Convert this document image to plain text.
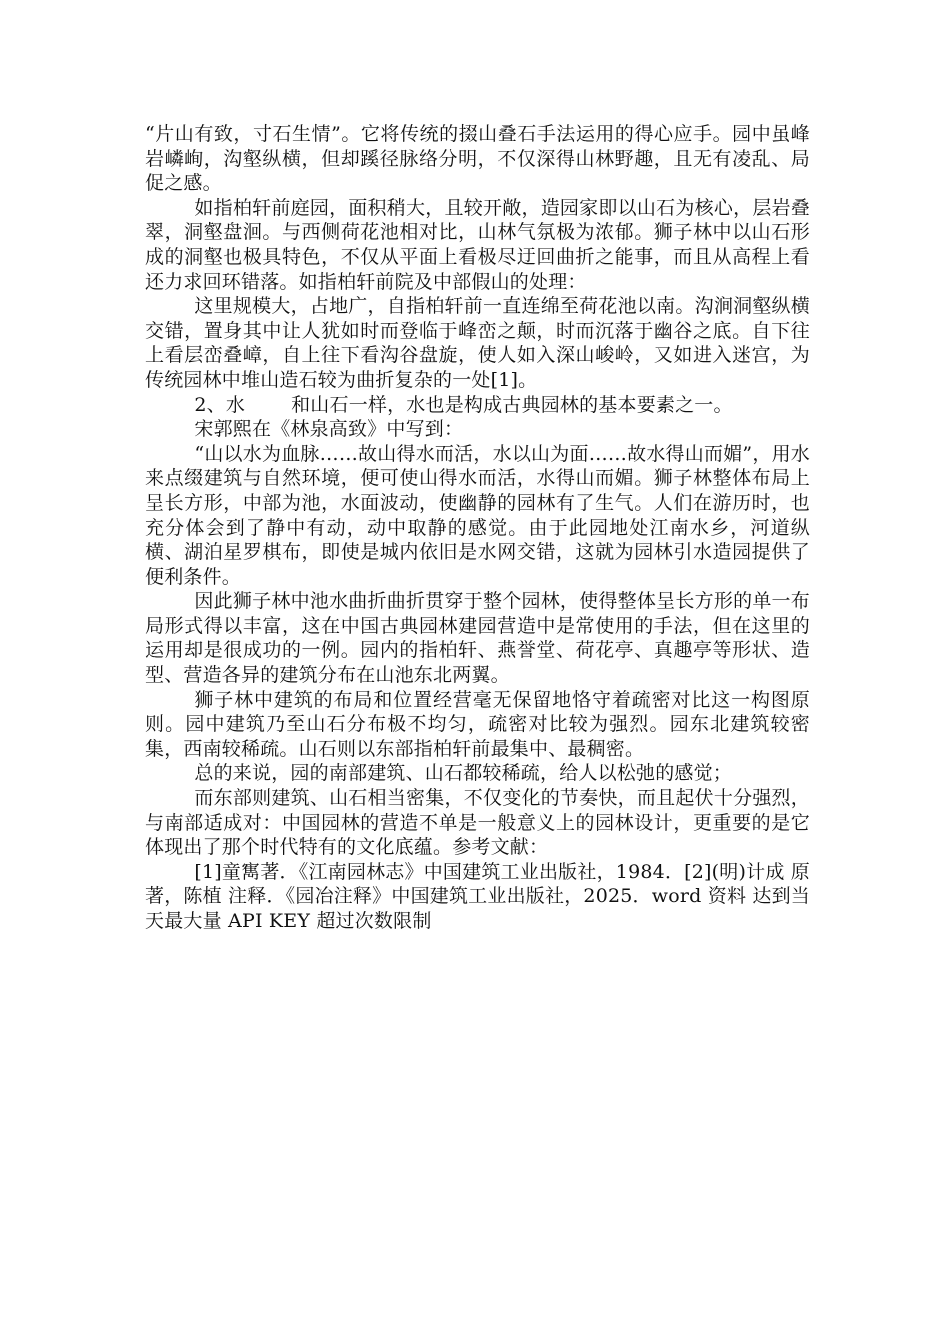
“片山有致，寸石生情”。它将传统的掇山叠石手法运用的得心应手。园中虽峰岩嶙峋，沟壑纵横，但却蹊径脉络分明，不仅深得山林野趣，且无有凌乱、局促之感。

如指柏轩前庭园，面积稍大，且较开敞，造园家即以山石为核心，层岩叠翠，洞壑盘洄。与西侧荷花池相对比，山林气氛极为浓郁。狮子林中以山石形成的洞壑也极具特色，不仅从平面上看极尽迂回曲折之能事，而且从高程上看还力求回环错落。如指柏轩前院及中部假山的处理：

这里规模大，占地广，自指柏轩前一直连绵至荷花池以南。沟涧洞壑纵横交错，置身其中让人犹如时而登临于峰峦之颠，时而沉落于幽谷之底。自下往上看层峦叠嶂，自上往下看沟谷盘旋，使人如入深山峻岭，又如进入迷宫，为传统园林中堆山造石较为曲折复杂的一处[1]。

2、水 和山石一样，水也是构成古典园林的基本要素之一。

宋郭熙在《林泉高致》中写到：

“山以水为血脉……故山得水而活，水以山为面……故水得山而媚”，用水来点缀建筑与自然环境，便可使山得水而活，水得山而媚。狮子林整体布局上呈长方形，中部为池，水面波动，使幽静的园林有了生气。人们在游历时，也充分体会到了静中有动，动中取静的感觉。由于此园地处江南水乡，河道纵横、湖泊星罗棋布，即使是城内依旧是水网交错，这就为园林引水造园提供了便利条件。

因此狮子林中池水曲折曲折贯穿于整个园林，使得整体呈长方形的单一布局形式得以丰富，这在中国古典园林建园营造中是常使用的手法，但在这里的运用却是很成功的一例。园内的指柏轩、燕誉堂、荷花亭、真趣亭等形状、造型、营造各异的建筑分布在山池东北两翼。

狮子林中建筑的布局和位置经营毫无保留地恪守着疏密对比这一构图原则。园中建筑乃至山石分布极不均匀，疏密对比较为强烈。园东北建筑较密集，西南较稀疏。山石则以东部指柏轩前最集中、最稠密。

总的来说，园的南部建筑、山石都较稀疏，给人以松弛的感觉；

而东部则建筑、山石相当密集，不仅变化的节奏快，而且起伏十分强烈，与南部适成对：中国园林的营造不单是一般意义上的园林设计，更重要的是它体现出了那个时代特有的文化底蕴。参考文献：

[1]童寯著．《江南园林志》中国建筑工业出版社，1984．[2](明)计成 原著，陈植 注释．《园冶注释》中国建筑工业出版社，2025．word 资料 达到当天最大量 API KEY 超过次数限制
